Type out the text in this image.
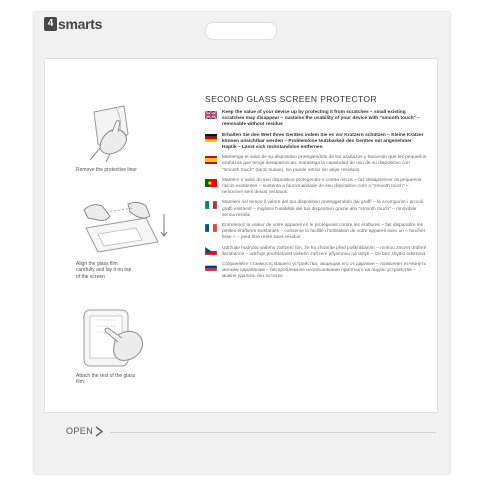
4 smarts
Remove the protective liner
Align the glass film carefully and lay it on top of the screen
Attach the rest of the glass film.
SECOND GLASS SCREEN PROTECTOR
Keep the value of your device up by protecting it from scratches – small existing scratches may disappear – sustains the usability of your device with "smooth touch" – removable without residue
Erhalten Sie den Wert Ihres Gerätes indem Sie es vor Kratzern schützen – Kleine Kratzer können unsichtbar werden – Problemlose Nutzbarkeit des Gerätes mit angenehmer Haptik – Lässt sich rückstandslos entfernen
Mantenga el valor de su dispositivo protegiéndolo de los arañazos y haciendo que los pequeños arañazos que tenga desaparezcan, mantenga la capacidad de uso de su dispositivo con "smooth touch" (tacto suave). Se puede retirar sin dejar residuos.
Mantém o valor do seu dispositivo protegendo-o contra riscos – faz desaparecer os pequenos riscos existentes – sustenta a funcionalidade do seu dispositivo com o "smooth touch" – removível sem deixar resíduos
Mantieni nel tempo il valore del tuo dispositivo proteggendolo dai graffi – fa scomparire i piccoli graffi esistenti – migliora l'usabilità del tuo dispositivo grazie allo "smooth touch" – rimovibile senza residui
Entretenez la valeur de votre appareil en le protégeant contre les éraflures – fait disparaître les petites éraflures existantes – conserve la facilité d'utilisation de votre appareil avec un « toucher lisse » – peut être retiré sans résidus
Udržujte hodnotu vašeho zařízení tím, že ho chráníte před poškrábáním – mohou zmizet drobné škrábance – udržuje použitelnost vašeho zařízení příjemnou na dotyk – lze bez zbytku odstranit
Сохраняйте стоимость Вашего устройства, защищая его от царапин – позволяет исчезнуть мелким царапинам – беспроблемное использование приятного на ощупь устройства – можно удалить без остатка
OPEN
